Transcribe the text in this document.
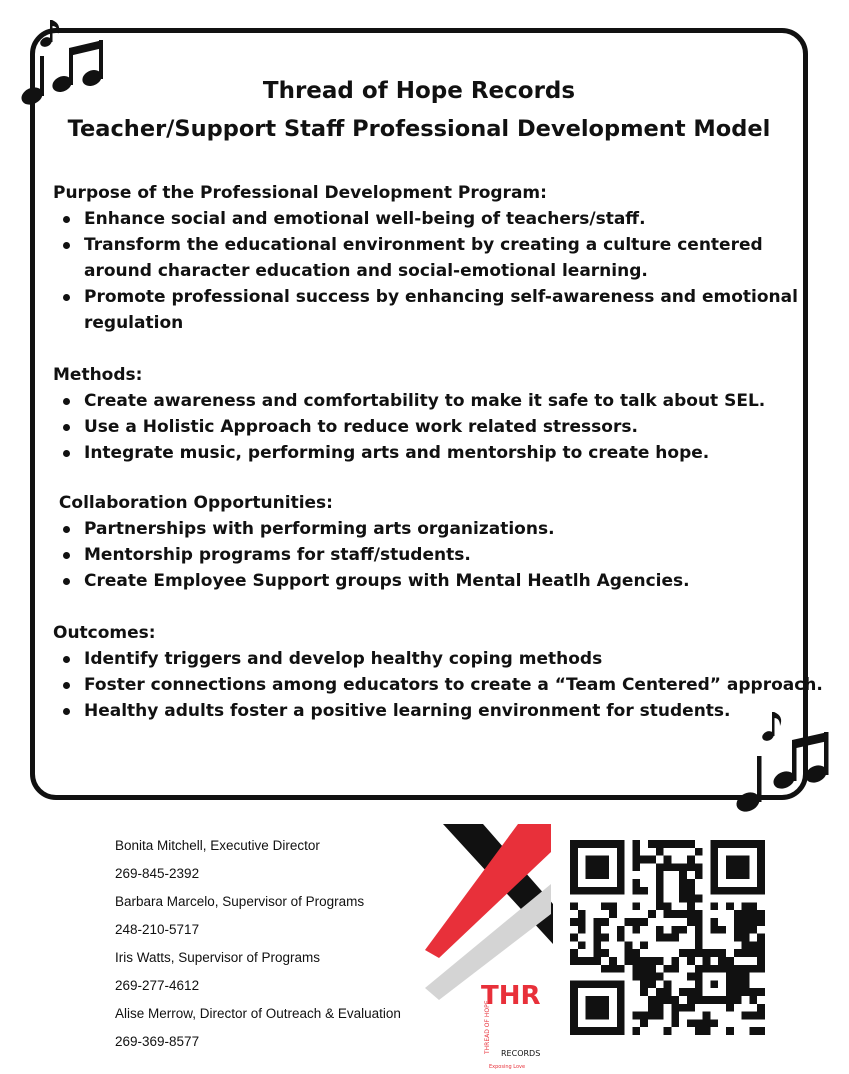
Thread of Hope Records
Teacher/Support Staff Professional Development Model
Purpose of the Professional Development Program:
Enhance social and emotional well-being of teachers/staff.
Transform the educational environment by creating a culture centered around character education and social-emotional learning.
Promote professional success by enhancing self-awareness and emotional regulation
Methods:
Create awareness and comfortability to make it safe to talk about SEL.
Use a Holistic Approach to reduce work related stressors.
Integrate music, performing arts and mentorship to create hope.
Collaboration Opportunities:
Partnerships with performing arts organizations.
Mentorship programs for staff/students.
Create Employee Support groups with Mental Heatlh Agencies.
Outcomes:
Identify triggers and develop healthy coping methods
Foster connections among educators to create a “Team Centered” approach.
Healthy adults foster a positive learning environment for students.
Bonita Mitchell, Executive Director
269-845-2392
Barbara Marcelo, Supervisor of Programs
248-210-5717
Iris Watts, Supervisor of Programs
269-277-4612
Alise Merrow, Director of Outreach & Evaluation
269-369-8577
THR
THREAD OF HOPE RECORDS
Exposing Love
